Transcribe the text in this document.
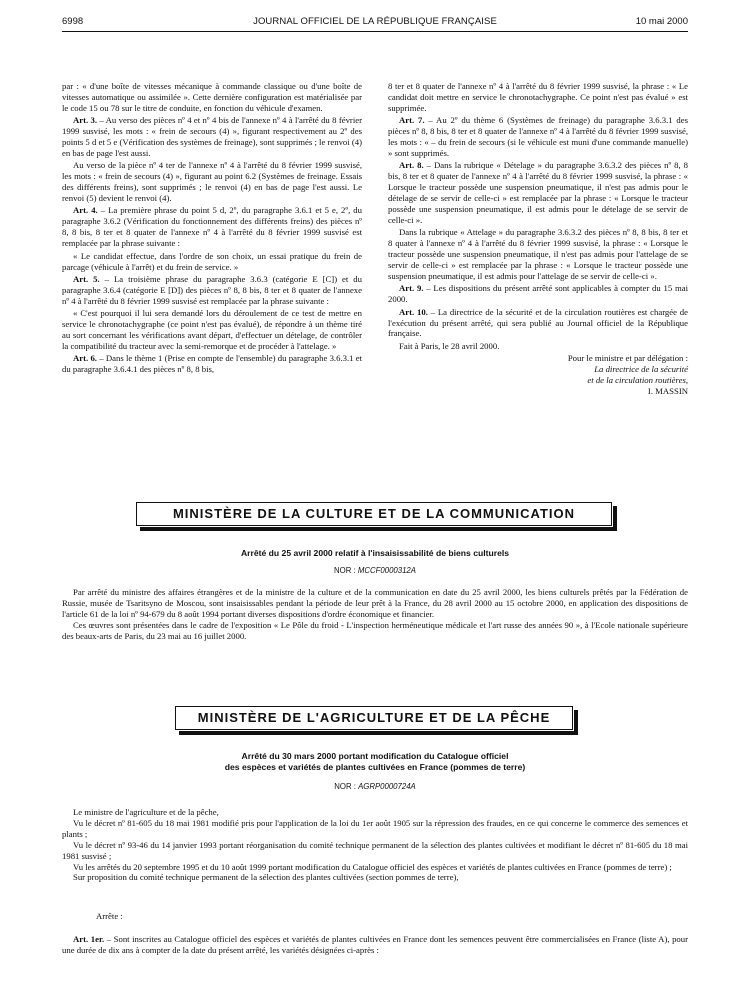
6998	JOURNAL OFFICIEL DE LA RÉPUBLIQUE FRANÇAISE	10 mai 2000

par : « d'une boîte de vitesses mécanique à commande classique ou d'une boîte de vitesses automatique ou assimilée ». Cette dernière configuration est matérialisée par le code 15 ou 78 sur le titre de conduite, en fonction du véhicule d'examen.

Art. 3. – Au verso des pièces nº 4 et nº 4 bis de l'annexe nº 4 à l'arrêté du 8 février 1999 susvisé, les mots : « frein de secours (4) », figurant respectivement au 2º des points 5 d et 5 e (Vérification des systèmes de freinage), sont supprimés ; le renvoi (4) en bas de page l'est aussi.

Au verso de la pièce nº 4 ter de l'annexe nº 4 à l'arrêté du 8 février 1999 susvisé, les mots : « frein de secours (4) », figurant au point 6.2 (Systèmes de freinage. Essais des différents freins), sont supprimés ; le renvoi (4) en bas de page l'est aussi. Le renvoi (5) devient le renvoi (4).

Art. 4. – La première phrase du point 5 d, 2º, du paragraphe 3.6.1 et 5 e, 2º, du paragraphe 3.6.2 (Vérification du fonctionnement des différents freins) des pièces nº 8, 8 bis, 8 ter et 8 quater de l'annexe nº 4 à l'arrêté du 8 février 1999 susvisé est remplacée par la phrase suivante :

« Le candidat effectue, dans l'ordre de son choix, un essai pratique du frein de parcage (véhicule à l'arrêt) et du frein de service. »

Art. 5. – La troisième phrase du paragraphe 3.6.3 (catégorie E [C]) et du paragraphe 3.6.4 (catégorie E [D]) des pièces nº 8, 8 bis, 8 ter et 8 quater de l'annexe nº 4 à l'arrêté du 8 février 1999 susvisé est remplacée par la phrase suivante :

« C'est pourquoi il lui sera demandé lors du déroulement de ce test de mettre en service le chronotachygraphe (ce point n'est pas évalué), de répondre à un thème tiré au sort concernant les vérifications avant départ, d'effectuer un dételage, de contrôler la compatibilité du tracteur avec la semi-remorque et de procéder à l'attelage. »

Art. 6. – Dans le thème 1 (Prise en compte de l'ensemble) du paragraphe 3.6.3.1 et du paragraphe 3.6.4.1 des pièces nº 8, 8 bis,

8 ter et 8 quater de l'annexe nº 4 à l'arrêté du 8 février 1999 susvisé, la phrase : « Le candidat doit mettre en service le chronotachygraphe. Ce point n'est pas évalué » est supprimée.

Art. 7. – Au 2º du thème 6 (Systèmes de freinage) du paragraphe 3.6.3.1 des pièces nº 8, 8 bis, 8 ter et 8 quater de l'annexe nº 4 à l'arrêté du 8 février 1999 susvisé, les mots : « – du frein de secours (si le véhicule est muni d'une commande manuelle) » sont supprimés.

Art. 8. – Dans la rubrique « Dételage » du paragraphe 3.6.3.2 des pièces nº 8, 8 bis, 8 ter et 8 quater de l'annexe nº 4 à l'arrêté du 8 février 1999 susvisé, la phrase : « Lorsque le tracteur possède une suspension pneumatique, il n'est pas admis pour le dételage de se servir de celle-ci » est remplacée par la phrase : « Lorsque le tracteur possède une suspension pneumatique, il est admis pour le dételage de se servir de celle-ci ».

Dans la rubrique « Attelage » du paragraphe 3.6.3.2 des pièces nº 8, 8 bis, 8 ter et 8 quater à l'annexe nº 4 à l'arrêté du 8 février 1999 susvisé, la phrase : « Lorsque le tracteur possède une suspension pneumatique, il n'est pas admis pour l'attelage de se servir de celle-ci » est remplacée par la phrase : « Lorsque le tracteur possède une suspension pneumatique, il est admis pour l'attelage de se servir de celle-ci ».

Art. 9. – Les dispositions du présent arrêté sont applicables à compter du 15 mai 2000.

Art. 10. – La directrice de la sécurité et de la circulation routières est chargée de l'exécution du présent arrêté, qui sera publié au Journal officiel de la République française.

Fait à Paris, le 28 avril 2000.

Pour le ministre et par délégation :
La directrice de la sécurité
et de la circulation routières,
I. MASSIN

MINISTÈRE DE LA CULTURE ET DE LA COMMUNICATION
Arrêté du 25 avril 2000 relatif à l'insaisissabilité de biens culturels
NOR : MCCF0000312A

Par arrêté du ministre des affaires étrangères et de la ministre de la culture et de la communication en date du 25 avril 2000, les biens culturels prêtés par la Fédération de Russie, musée de Tsaritsyno de Moscou, sont insaisissables pendant la période de leur prêt à la France, du 28 avril 2000 au 15 octobre 2000, en application des dispositions de l'article 61 de la loi nº 94-679 du 8 août 1994 portant diverses dispositions d'ordre économique et financier.

Ces œuvres sont présentées dans le cadre de l'exposition « Le Pôle du froid - L'inspection herméneutique médicale et l'art russe des années 90 », à l'Ecole nationale supérieure des beaux-arts de Paris, du 23 mai au 16 juillet 2000.

MINISTÈRE DE L'AGRICULTURE ET DE LA PÊCHE
Arrêté du 30 mars 2000 portant modification du Catalogue officiel
des espèces et variétés de plantes cultivées en France (pommes de terre)
NOR : AGRP0000724A

Le ministre de l'agriculture et de la pêche,

Vu le décret nº 81-605 du 18 mai 1981 modifié pris pour l'application de la loi du 1er août 1905 sur la répression des fraudes, en ce qui concerne le commerce des semences et plants ;

Vu le décret nº 93-46 du 14 janvier 1993 portant réorganisation du comité technique permanent de la sélection des plantes cultivées et modifiant le décret nº 81-605 du 18 mai 1981 susvisé ;

Vu les arrêtés du 20 septembre 1995 et du 10 août 1999 portant modification du Catalogue officiel des espèces et variétés de plantes cultivées en France (pommes de terre) ;

Sur proposition du comité technique permanent de la sélection des plantes cultivées (section pommes de terre),

Arrête :

Art. 1er. – Sont inscrites au Catalogue officiel des espèces et variétés de plantes cultivées en France dont les semences peuvent être commercialisées en France (liste A), pour une durée de dix ans à compter de la date du présent arrêté, les variétés désignées ci-après :
